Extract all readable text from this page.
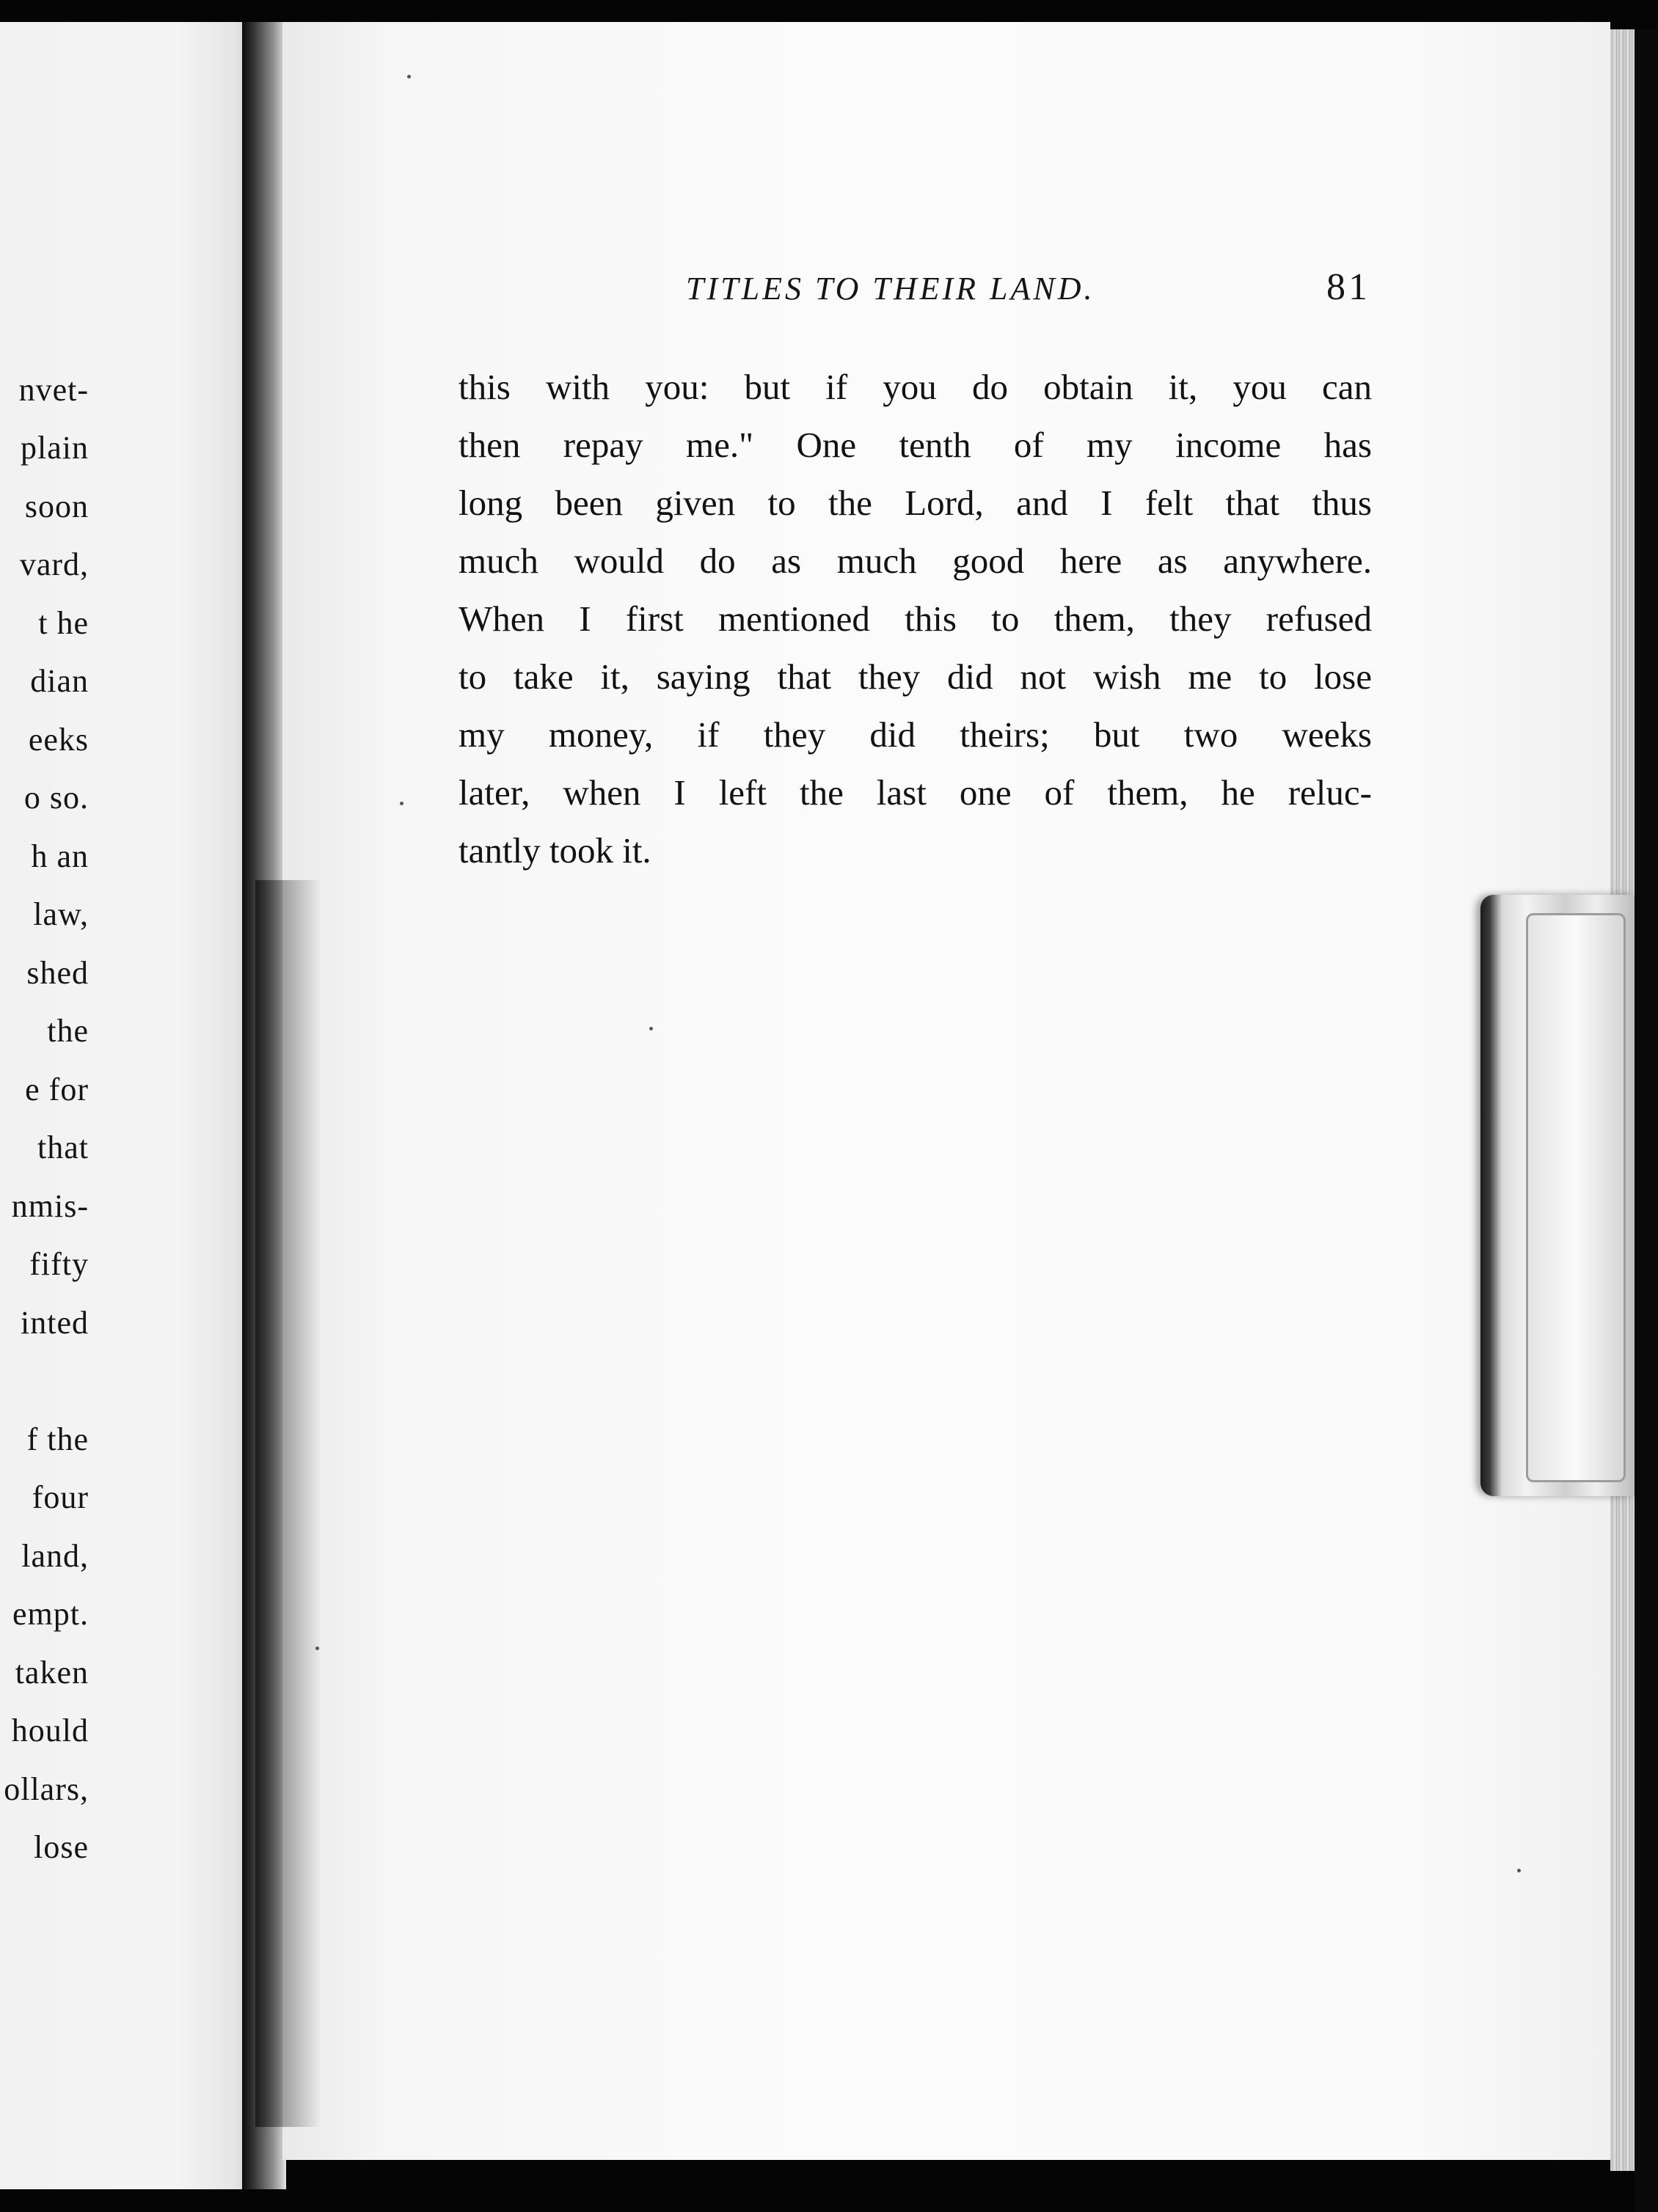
nvet-
plain
soon
vard,
t he
dian
eeks
o so.
h an
law,
shed
the
e for
that
nmis-
fifty
inted
f the
four
land,
empt.
taken
hould
ollars,
lose
TITLES TO THEIR LAND.	81
this with you: but if you do obtain it, you can
then repay me." One tenth of my income has
long been given to the Lord, and I felt that thus
much would do as much good here as anywhere.
When I first mentioned this to them, they refused
to take it, saying that they did not wish me to lose
my money, if they did theirs; but two weeks
later, when I left the last one of them, he reluc-
tantly took it.
